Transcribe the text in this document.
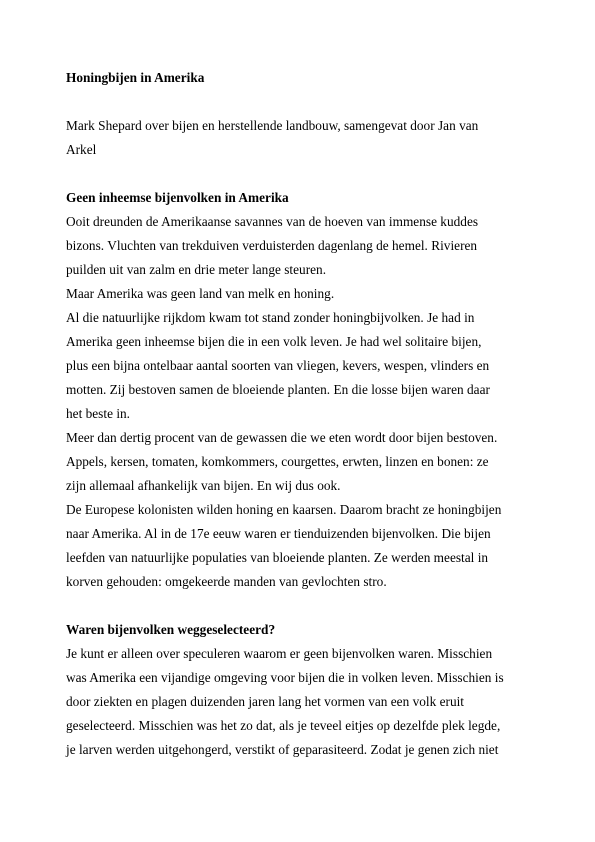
Honingbijen in Amerika
Mark Shepard over bijen en herstellende landbouw, samengevat door Jan van
Arkel
Geen inheemse bijenvolken in Amerika
Ooit dreunden de Amerikaanse savannes van de hoeven van immense kuddes
bizons. Vluchten van trekduiven verduisterden dagenlang de hemel. Rivieren
puilden uit van zalm en drie meter lange steuren.
Maar Amerika was geen land van melk en honing.
Al die natuurlijke rijkdom kwam tot stand zonder honingbijvolken. Je had in
Amerika geen inheemse bijen die in een volk leven. Je had wel solitaire bijen,
plus een bijna ontelbaar aantal soorten van vliegen, kevers, wespen, vlinders en
motten. Zij bestoven samen de bloeiende planten. En die losse bijen waren daar
het beste in.
Meer dan dertig procent van de gewassen die we eten wordt door bijen bestoven.
Appels, kersen, tomaten, komkommers, courgettes, erwten, linzen en bonen: ze
zijn allemaal afhankelijk van bijen. En wij dus ook.
De Europese kolonisten wilden honing en kaarsen. Daarom bracht ze honingbijen
naar Amerika. Al in de 17e eeuw waren er tienduizenden bijenvolken. Die bijen
leefden van natuurlijke populaties van bloeiende planten. Ze werden meestal in
korven gehouden: omgekeerde manden van gevlochten stro.
Waren bijenvolken weggeselecteerd?
Je kunt er alleen over speculeren waarom er geen bijenvolken waren. Misschien
was Amerika een vijandige omgeving voor bijen die in volken leven. Misschien is
door ziekten en plagen duizenden jaren lang het vormen van een volk eruit
geselecteerd. Misschien was het zo dat, als je teveel eitjes op dezelfde plek legde,
je larven werden uitgehongerd, verstikt of geparasiteerd. Zodat je genen zich niet
